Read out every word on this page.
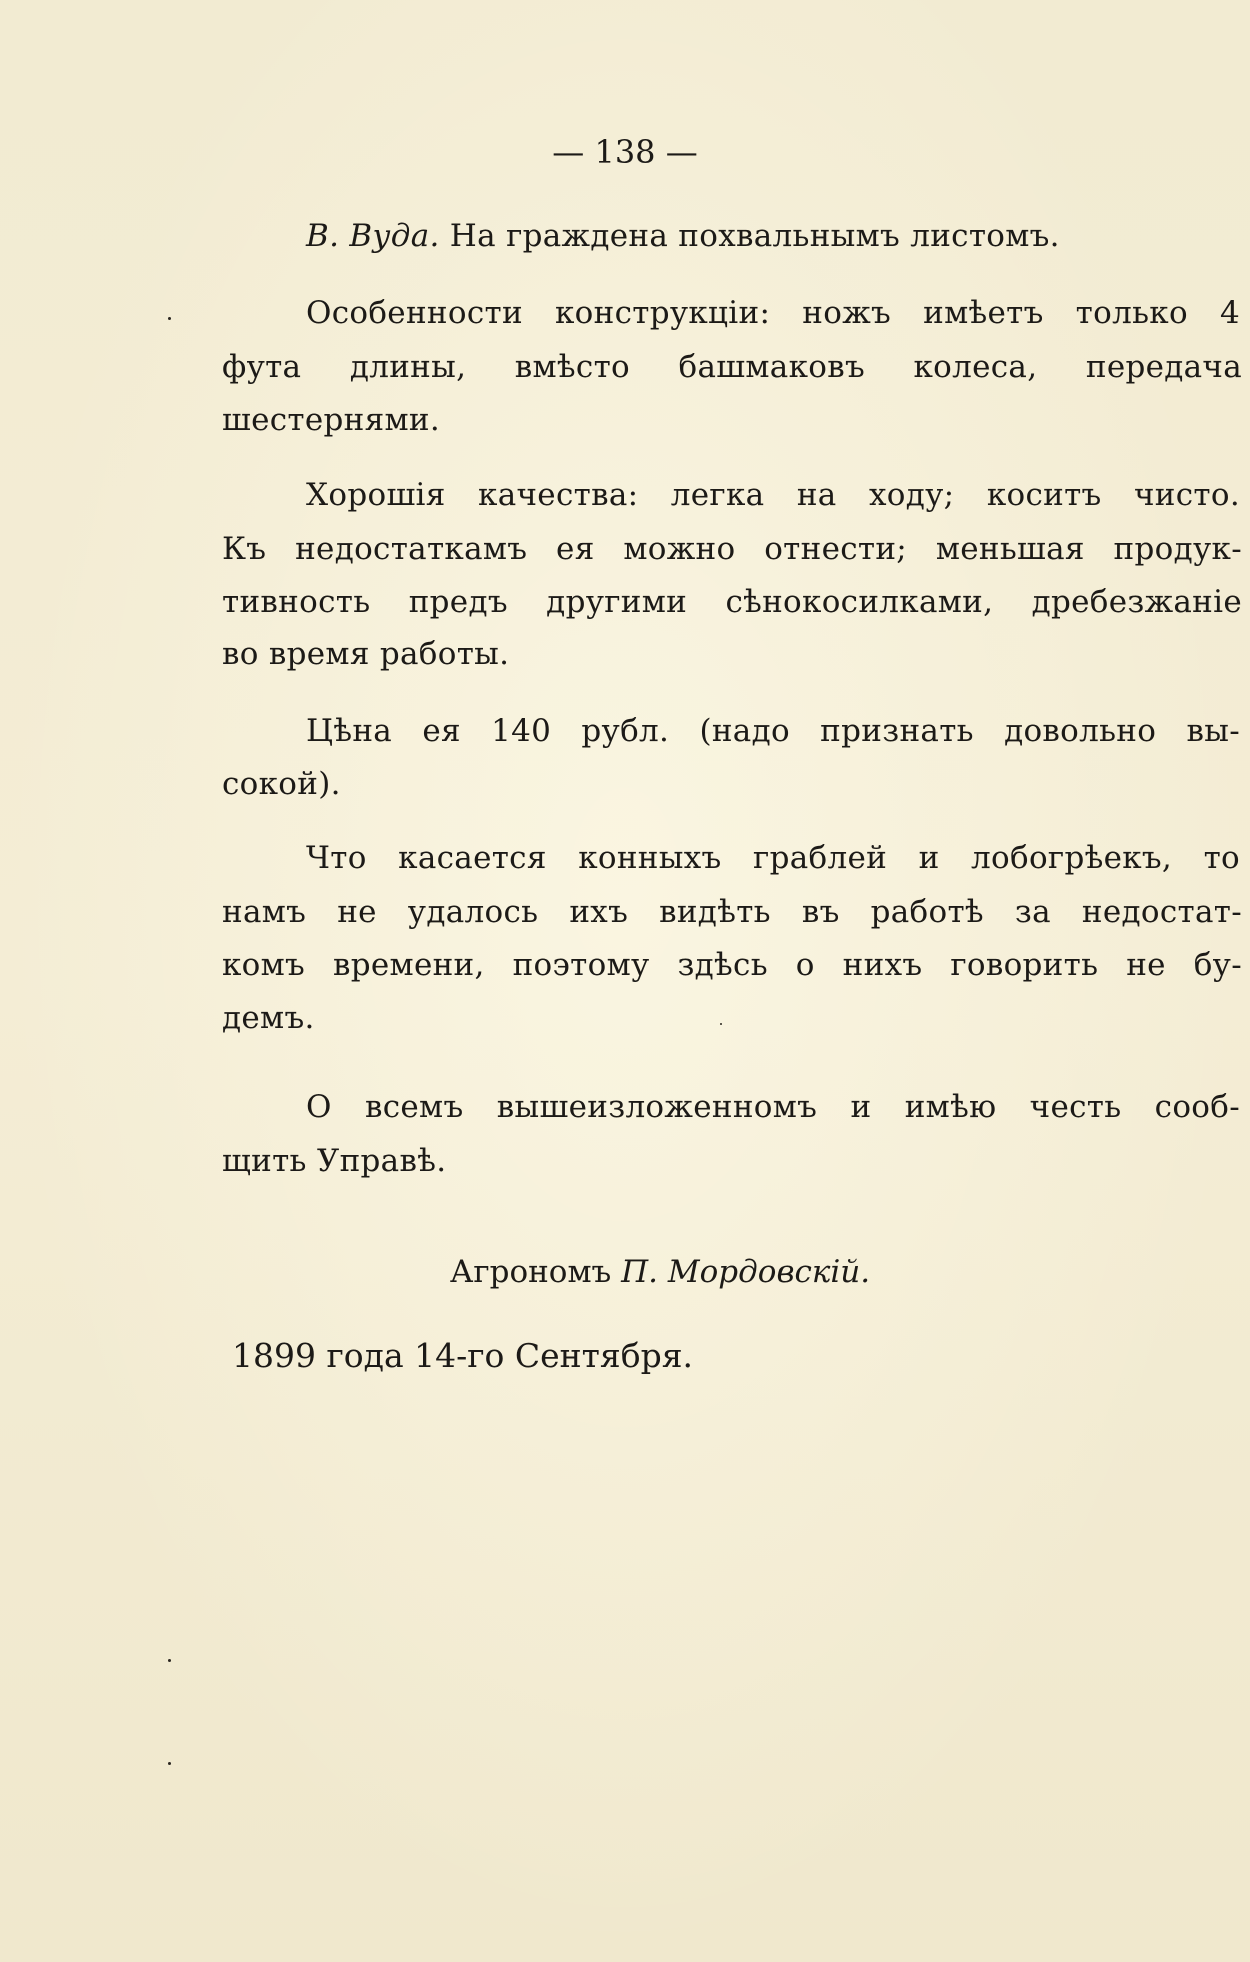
— 138 —
В. Вуда. На граждена похвальнымъ листомъ.
Особенности конструкціи: ножъ имѣетъ только 4
фута длины, вмѣсто башмаковъ колеса, передача
шестернями.
Хорошія качества: легка на ходу; коситъ чисто.
Къ недостаткамъ ея можно отнести; меньшая продук-
тивность предъ другими сѣнокосилками, дребезжаніе
во время работы.
Цѣна ея 140 рубл. (надо признать довольно вы-
сокой).
Что касается конныхъ граблей и лобогрѣекъ, то
намъ не удалось ихъ видѣть въ работѣ за недостат-
комъ времени, поэтому здѣсь о нихъ говорить не бу-
демъ.
О всемъ вышеизложенномъ и имѣю честь сооб-
щить Управѣ.
Агрономъ П. Мордовскій.
1899 года 14-го Сентября.
